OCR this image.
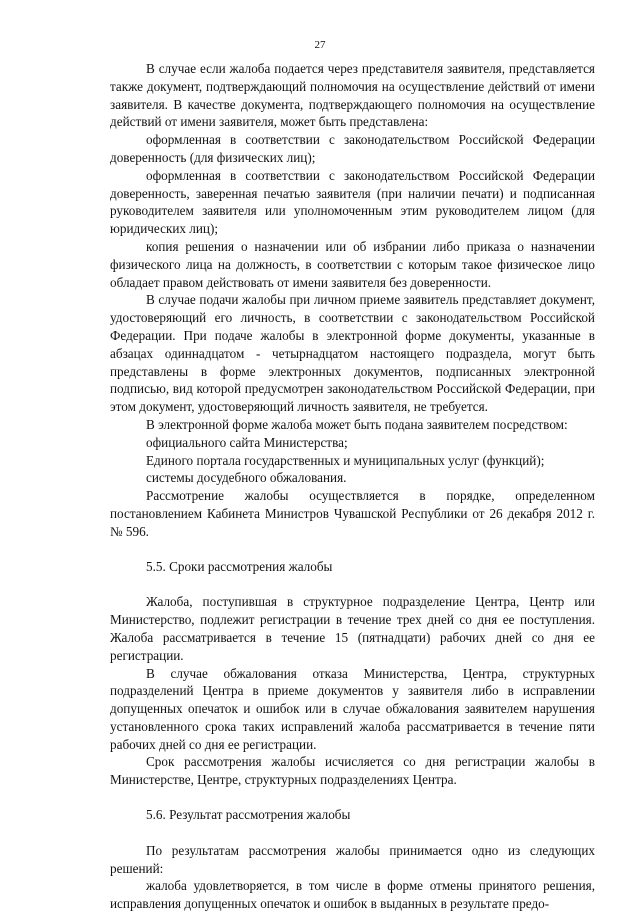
27

В случае если жалоба подается через представителя заявителя, представляется также документ, подтверждающий полномочия на осуществление действий от имени заявителя. В качестве документа, подтверждающего полномочия на осуществление действий от имени заявителя, может быть представлена:

оформленная в соответствии с законодательством Российской Федерации доверенность (для физических лиц);

оформленная в соответствии с законодательством Российской Федерации доверенность, заверенная печатью заявителя (при наличии печати) и подписанная руководителем заявителя или уполномоченным этим руководителем лицом (для юридических лиц);

копия решения о назначении или об избрании либо приказа о назначении физического лица на должность, в соответствии с которым такое физическое лицо обладает правом действовать от имени заявителя без доверенности.

В случае подачи жалобы при личном приеме заявитель представляет документ, удостоверяющий его личность, в соответствии с законодательством Российской Федерации. При подаче жалобы в электронной форме документы, указанные в абзацах одиннадцатом - четырнадцатом настоящего подраздела, могут быть представлены в форме электронных документов, подписанных электронной подписью, вид которой предусмотрен законодательством Российской Федерации, при этом документ, удостоверяющий личность заявителя, не требуется.

В электронной форме жалоба может быть подана заявителем посредством:

официального сайта Министерства;

Единого портала государственных и муниципальных услуг (функций);

системы досудебного обжалования.

Рассмотрение жалобы осуществляется в порядке, определенном постановлением Кабинета Министров Чувашской Республики от 26 декабря 2012 г. № 596.

5.5. Сроки рассмотрения жалобы

Жалоба, поступившая в структурное подразделение Центра, Центр или Министерство, подлежит регистрации в течение трех дней со дня ее поступления. Жалоба рассматривается в течение 15 (пятнадцати) рабочих дней со дня ее регистрации.

В случае обжалования отказа Министерства, Центра, структурных подразделений Центра в приеме документов у заявителя либо в исправлении допущенных опечаток и ошибок или в случае обжалования заявителем нарушения установленного срока таких исправлений жалоба рассматривается в течение пяти рабочих дней со дня ее регистрации.

Срок рассмотрения жалобы исчисляется со дня регистрации жалобы в Министерстве, Центре, структурных подразделениях Центра.

5.6. Результат рассмотрения жалобы

По результатам рассмотрения жалобы принимается одно из следующих решений:

жалоба удовлетворяется, в том числе в форме отмены принятого решения, исправления допущенных опечаток и ошибок в выданных в результате предо-
